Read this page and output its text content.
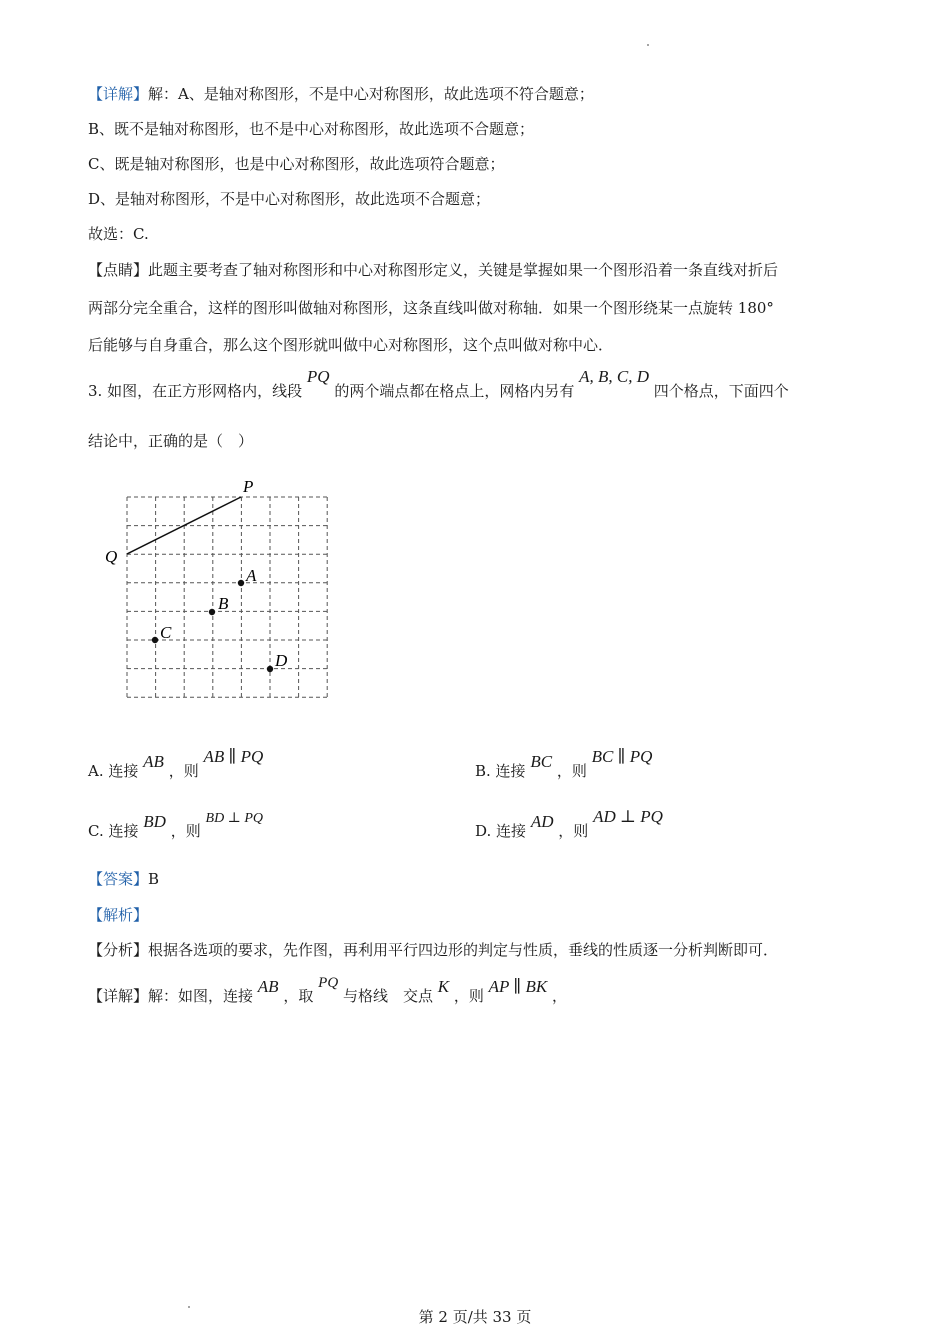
【详解】解：A、是轴对称图形，不是中心对称图形，故此选项不符合题意；
B、既不是轴对称图形，也不是中心对称图形，故此选项不合题意；
C、既是轴对称图形，也是中心对称图形，故此选项符合题意；
D、是轴对称图形，不是中心对称图形，故此选项不合题意；
故选：C.
【点睛】此题主要考查了轴对称图形和中心对称图形定义，关键是掌握如果一个图形沿着一条直线对折后
两部分完全重合，这样的图形叫做轴对称图形，这条直线叫做对称轴．如果一个图形绕某一点旋转 180°
后能够与自身重合，那么这个图形就叫做中心对称图形，这个点叫做对称中心．
3. 如图，在正方形网格内，线段 PQ 的两个端点都在格点上，网格内另有 A, B, C, D 四个格点，下面四个
结论中，正确的是（　）
P
Q
A
B
C
D
A. 连接 AB ，则 AB ∥ PQ
B. 连接 BC ，则 BC ∥ PQ
C. 连接 BD ，则 BD ⊥ PQ
D. 连接 AD ，则 AD ⊥ PQ
【答案】B
【解析】
【分析】根据各选项的要求，先作图，再利用平行四边形的判定与性质，垂线的性质逐一分析判断即可．
【详解】解：如图，连接 AB ，取 PQ 与格线　交点 K ，则 AP ∥ BK ，
第 2 页/共 33 页
